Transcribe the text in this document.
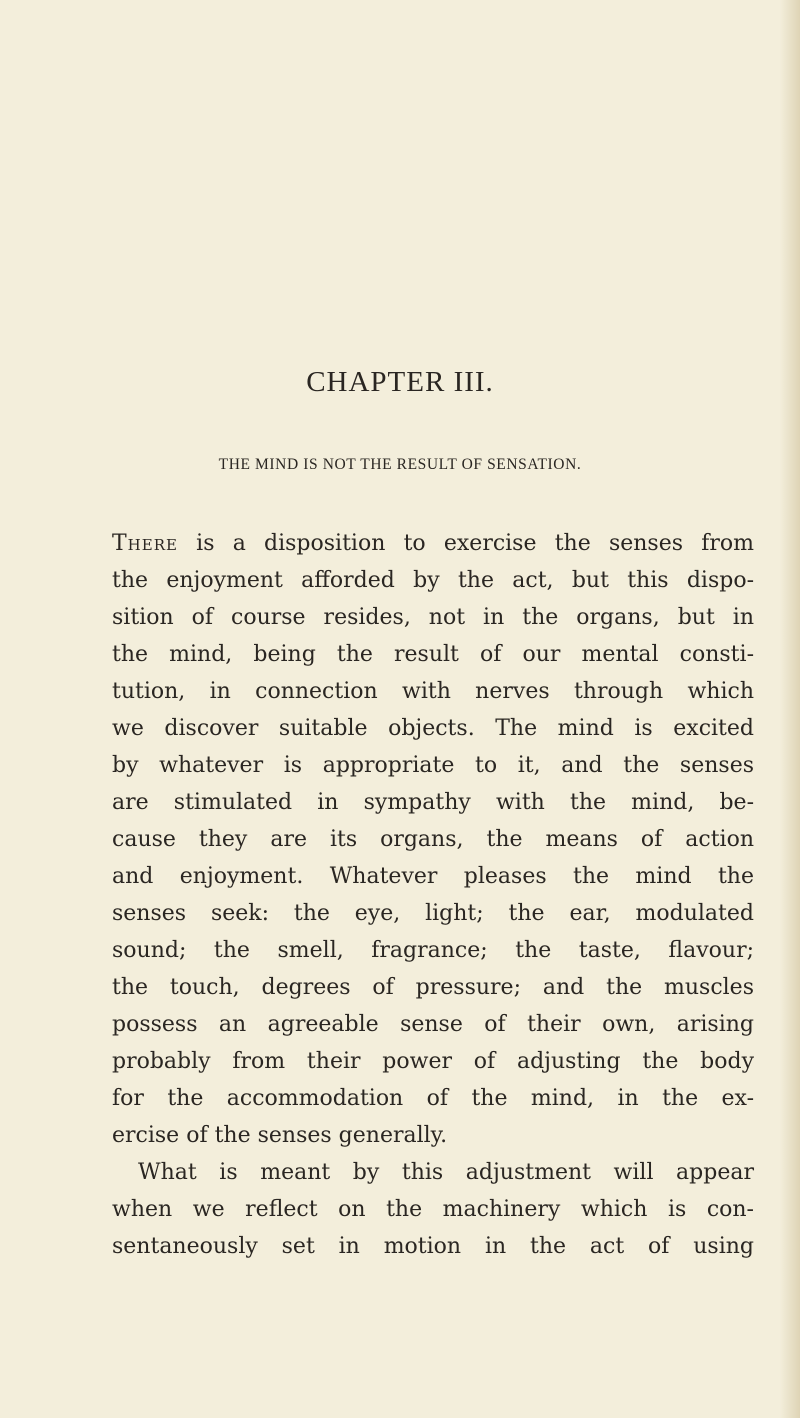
CHAPTER III.
THE MIND IS NOT THE RESULT OF SENSATION.
There is a disposition to exercise the senses from
the enjoyment afforded by the act, but this dispo-
sition of course resides, not in the organs, but in
the mind, being the result of our mental consti-
tution, in connection with nerves through which
we discover suitable objects. The mind is excited
by whatever is appropriate to it, and the senses
are stimulated in sympathy with the mind, be-
cause they are its organs, the means of action
and enjoyment. Whatever pleases the mind the
senses seek: the eye, light; the ear, modulated
sound; the smell, fragrance; the taste, flavour;
the touch, degrees of pressure; and the muscles
possess an agreeable sense of their own, arising
probably from their power of adjusting the body
for the accommodation of the mind, in the ex-
ercise of the senses generally.
What is meant by this adjustment will appear
when we reflect on the machinery which is con-
sentaneously set in motion in the act of using
